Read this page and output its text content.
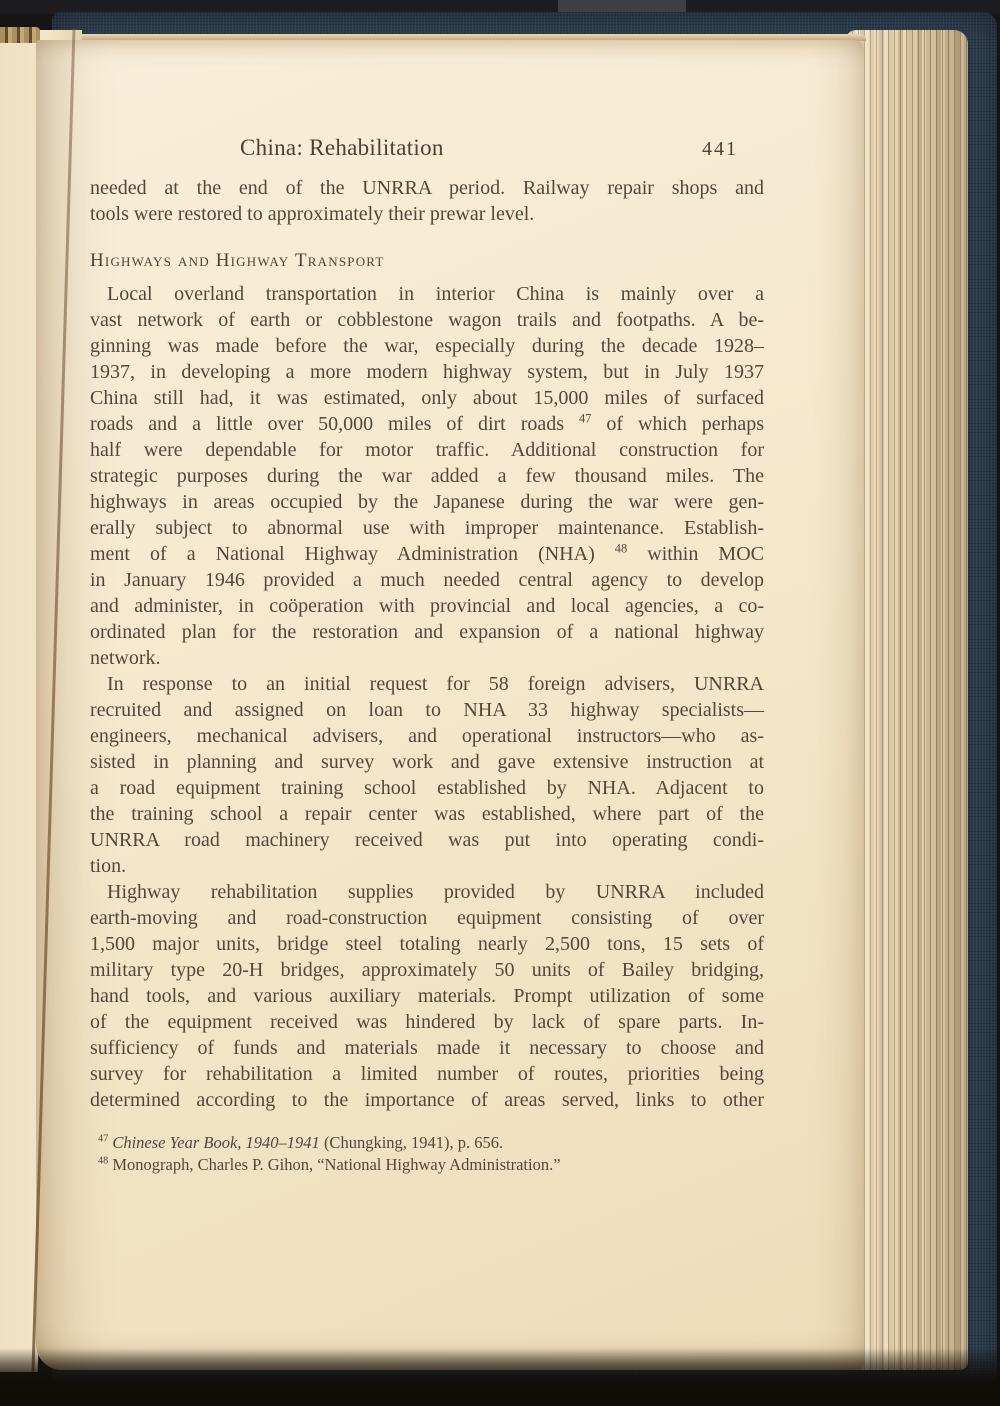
China: Rehabilitation	441
needed at the end of the UNRRA period. Railway repair shops and
tools were restored to approximately their prewar level.
Highways and Highway Transport
Local overland transportation in interior China is mainly over a
vast network of earth or cobblestone wagon trails and footpaths. A be-
ginning was made before the war, especially during the decade 1928–
1937, in developing a more modern highway system, but in July 1937
China still had, it was estimated, only about 15,000 miles of surfaced
roads and a little over 50,000 miles of dirt roads $^{47}$ of which perhaps
half were dependable for motor traffic. Additional construction for
strategic purposes during the war added a few thousand miles. The
highways in areas occupied by the Japanese during the war were gen-
erally subject to abnormal use with improper maintenance. Establish-
ment of a National Highway Administration (NHA) $^{48}$ within MOC
in January 1946 provided a much needed central agency to develop
and administer, in coöperation with provincial and local agencies, a co-
ordinated plan for the restoration and expansion of a national highway
network.
In response to an initial request for 58 foreign advisers, UNRRA
recruited and assigned on loan to NHA 33 highway specialists—
engineers, mechanical advisers, and operational instructors—who as-
sisted in planning and survey work and gave extensive instruction at
a road equipment training school established by NHA. Adjacent to
the training school a repair center was established, where part of the
UNRRA road machinery received was put into operating condi-
tion.
Highway rehabilitation supplies provided by UNRRA included
earth-moving and road-construction equipment consisting of over
1,500 major units, bridge steel totaling nearly 2,500 tons, 15 sets of
military type 20-H bridges, approximately 50 units of Bailey bridging,
hand tools, and various auxiliary materials. Prompt utilization of some
of the equipment received was hindered by lack of spare parts. In-
sufficiency of funds and materials made it necessary to choose and
survey for rehabilitation a limited number of routes, priorities being
determined according to the importance of areas served, links to other
$^{47}$ Chinese Year Book, 1940–1941 (Chungking, 1941), p. 656.
$^{48}$ Monograph, Charles P. Gihon, “National Highway Administration.”
